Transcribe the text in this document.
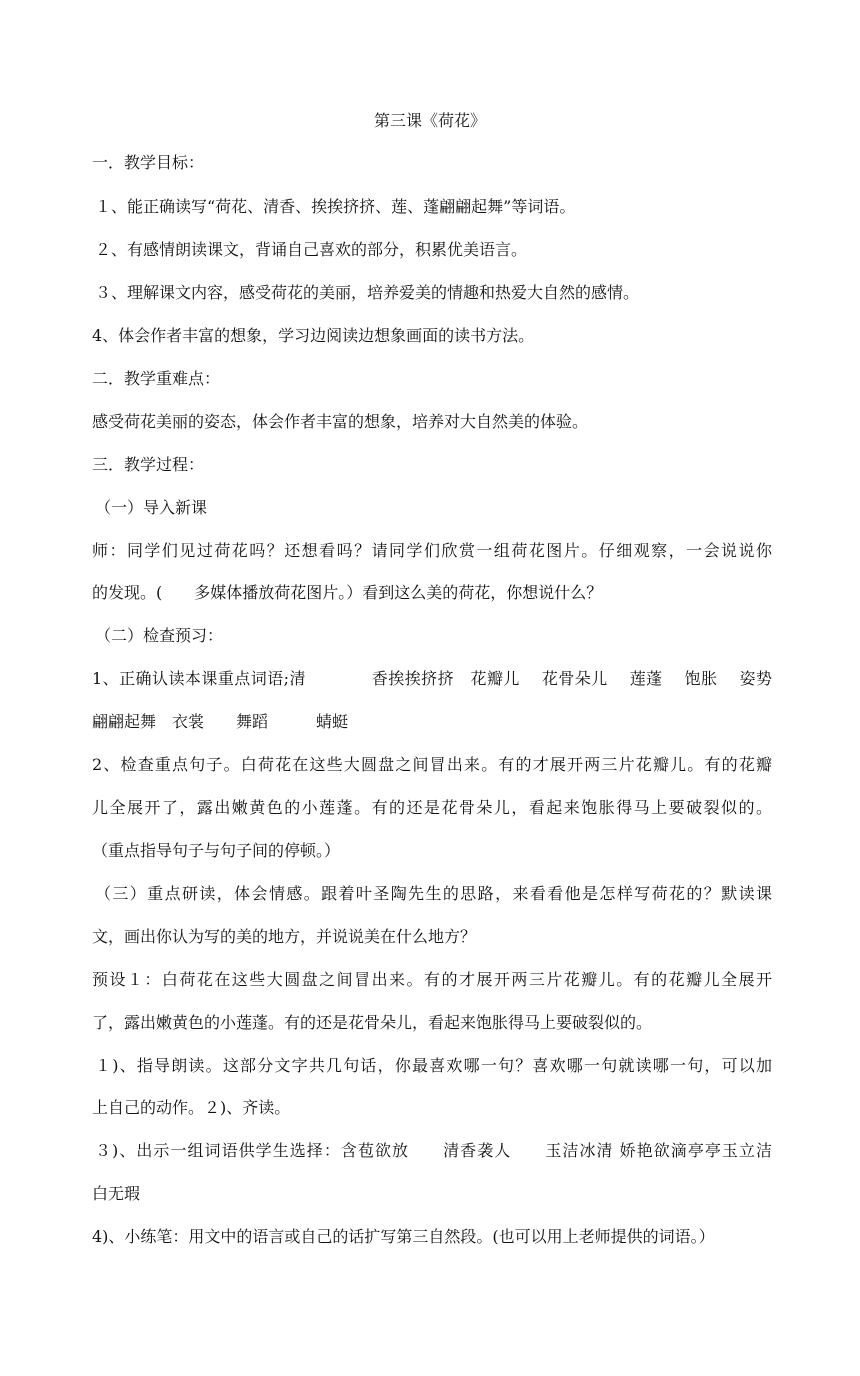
第三课《荷花》
一．教学目标：
１、能正确读写“荷花、清香、挨挨挤挤、莲、蓬翩翩起舞”等词语。
２、有感情朗读课文，背诵自己喜欢的部分，积累优美语言。
３、理解课文内容，感受荷花的美丽，培养爱美的情趣和热爱大自然的感情。
4、体会作者丰富的想象，学习边阅读边想象画面的读书方法。
二．教学重难点：
感受荷花美丽的姿态，体会作者丰富的想象，培养对大自然美的体验。
三．教学过程：
（一）导入新课
师：同学们见过荷花吗？还想看吗？请同学们欣赏一组荷花图片。仔细观察，一会说说你
的发现。(　　多媒体播放荷花图片。）看到这么美的荷花，你想说什么？
（二）检查预习：
1、正确认读本课重点词语;清　　　　香挨挨挤挤　花瓣儿　 花骨朵儿　 莲蓬　 饱胀　 姿势
翩翩起舞　衣裳　　舞蹈　　　蜻蜓
2、检查重点句子。白荷花在这些大圆盘之间冒出来。有的才展开两三片花瓣儿。有的花瓣
儿全展开了，露出嫩黄色的小莲蓬。有的还是花骨朵儿，看起来饱胀得马上要破裂似的。
（重点指导句子与句子间的停顿。）
（三）重点研读，体会情感。跟着叶圣陶先生的思路，来看看他是怎样写荷花的？默读课
文，画出你认为写的美的地方，并说说美在什么地方？
预设１：白荷花在这些大圆盘之间冒出来。有的才展开两三片花瓣儿。有的花瓣儿全展开
了，露出嫩黄色的小莲蓬。有的还是花骨朵儿，看起来饱胀得马上要破裂似的。
１)、指导朗读。这部分文字共几句话，你最喜欢哪一句？喜欢哪一句就读哪一句，可以加
上自己的动作。２)、齐读。
３)、出示一组词语供学生选择：含苞欲放　　清香袭人　　玉洁冰清 娇艳欲滴亭亭玉立洁
白无瑕
4)、小练笔：用文中的语言或自己的话扩写第三自然段。(也可以用上老师提供的词语。）
